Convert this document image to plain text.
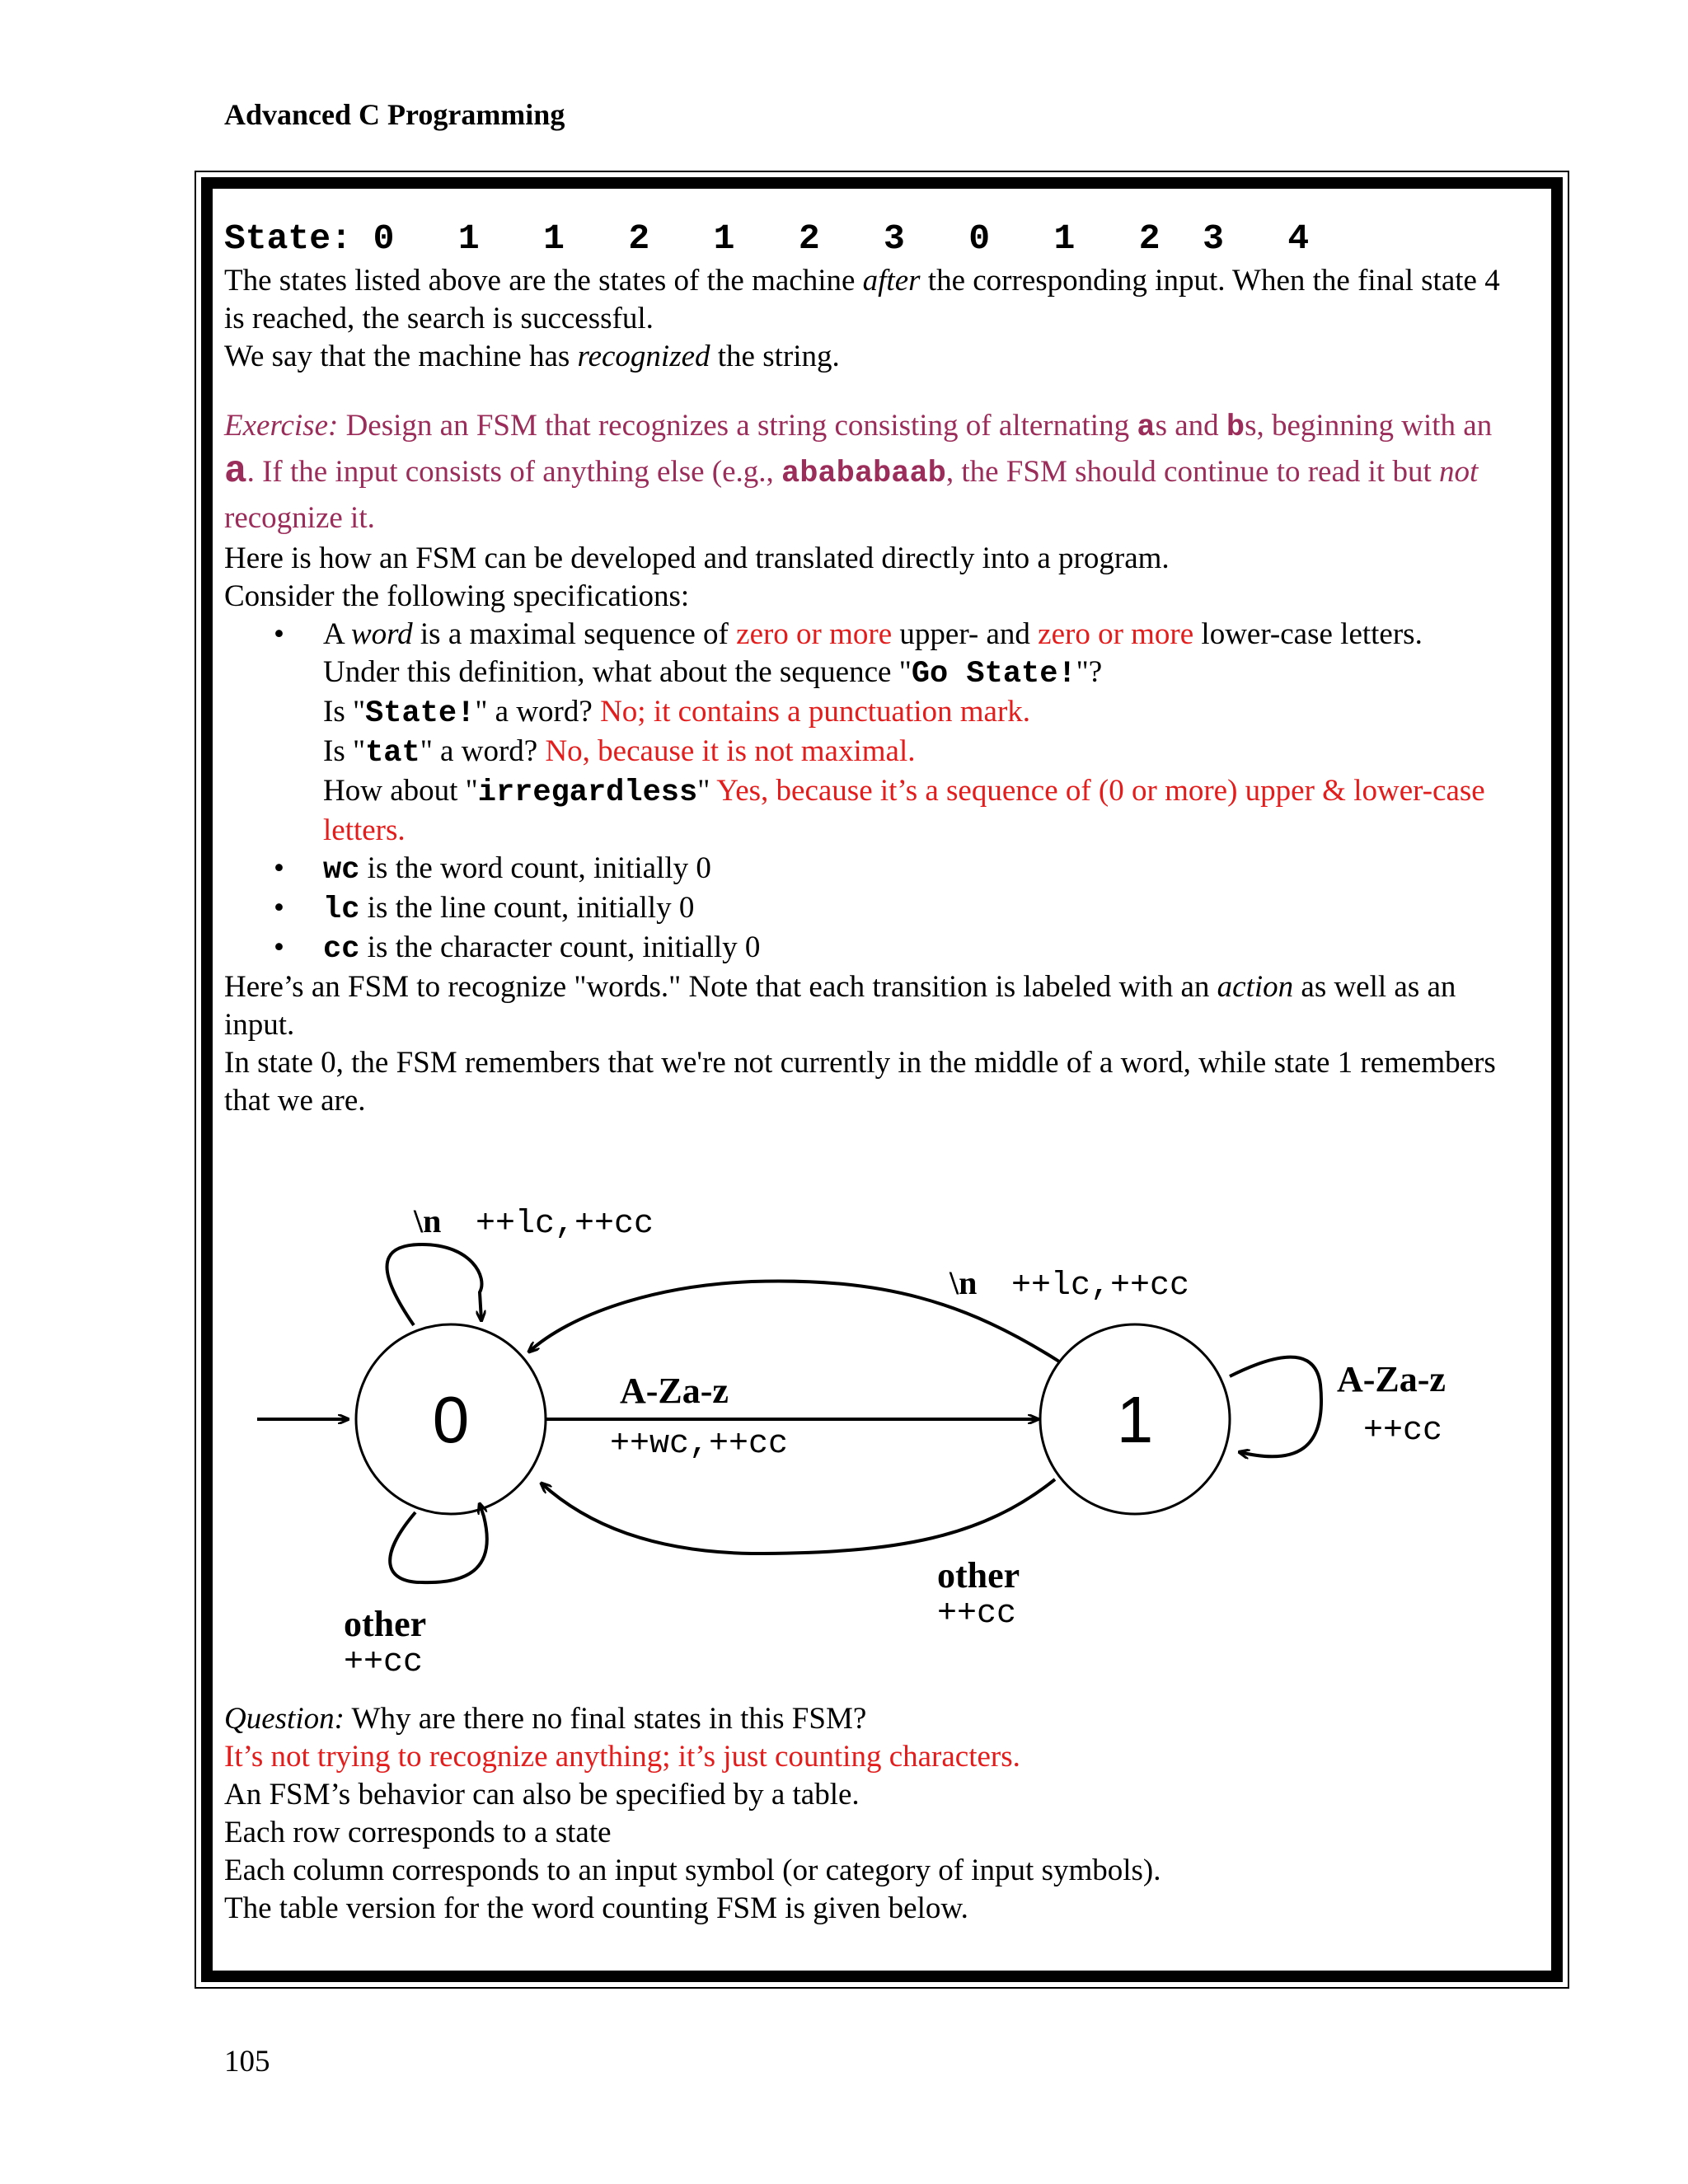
Advanced C Programming
State: 0 1 1 2 1 2 3 0 1 2 3 4

The states listed above are the states of the machine after the corresponding input. When the final state 4 is reached, the search is successful.

We say that the machine has recognized the string.

Exercise: Design an FSM that recognizes a string consisting of alternating as and bs, beginning with an a. If the input consists of anything else (e.g., abababaab, the FSM should continue to read it but not recognize it.

Here is how an FSM can be developed and translated directly into a program.

Consider the following specifications:

• A word is a maximal sequence of zero or more upper- and zero or more lower-case letters.
Under this definition, what about the sequence "Go State!"?
Is "State!" a word? No; it contains a punctuation mark.
Is "tat" a word? No, because it is not maximal.
How about "irregardless" Yes, because it’s a sequence of (0 or more) upper & lower-case letters.
• wc is the word count, initially 0
• lc is the line count, initially 0
• cc is the character count, initially 0

Here’s an FSM to recognize "words." Note that each transition is labeled with an action as well as an input.

In state 0, the FSM remembers that we're not currently in the middle of a word, while state 1 remembers that we are.

0	1
\n ++lc,++cc
\n ++lc,++cc
A-Za-z
++wc,++cc
A-Za-z
++cc
other
++cc
other
++cc

Question: Why are there no final states in this FSM?

It’s not trying to recognize anything; it’s just counting characters.

An FSM’s behavior can also be specified by a table.

Each row corresponds to a state

Each column corresponds to an input symbol (or category of input symbols).

The table version for the word counting FSM is given below.

105
